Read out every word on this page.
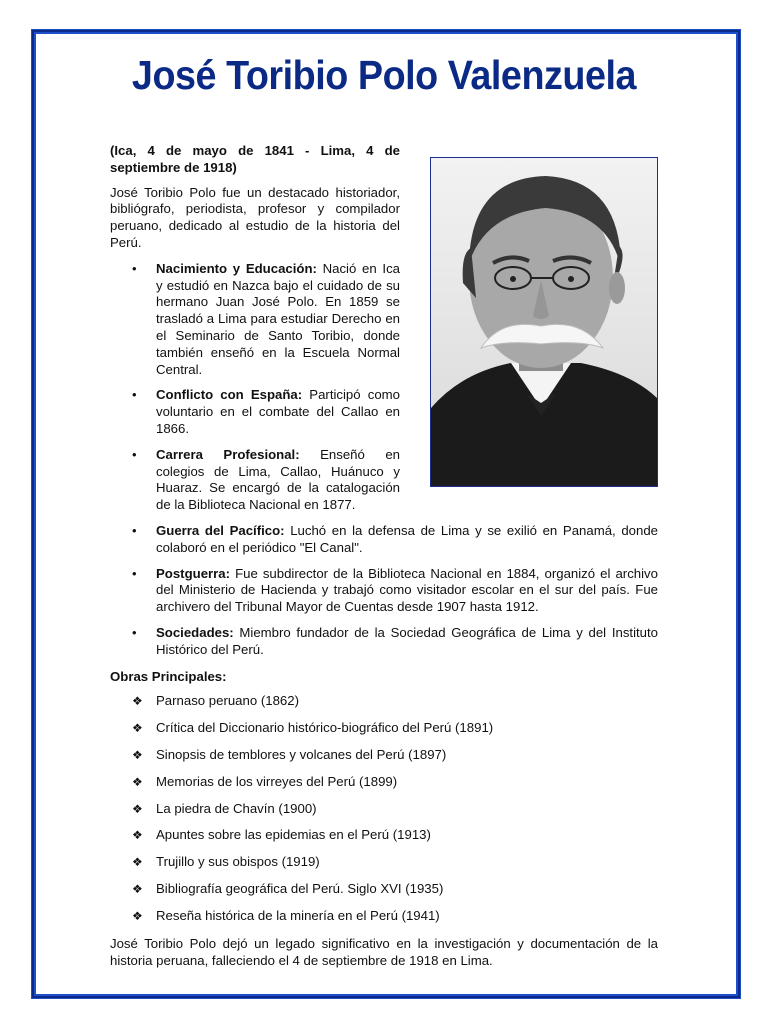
José Toribio Polo Valenzuela

(Ica, 4 de mayo de 1841 - Lima, 4 de septiembre de 1918)

José Toribio Polo fue un destacado historiador, bibliógrafo, periodista, profesor y compilador peruano, dedicado al estudio de la historia del Perú.

• Nacimiento y Educación: Nació en Ica y estudió en Nazca bajo el cuidado de su hermano Juan José Polo. En 1859 se trasladó a Lima para estudiar Derecho en el Seminario de Santo Toribio, donde también enseñó en la Escuela Normal Central.
• Conflicto con España: Participó como voluntario en el combate del Callao en 1866.
• Carrera Profesional: Enseñó en colegios de Lima, Callao, Huánuco y Huaraz. Se encargó de la catalogación de la Biblioteca Nacional en 1877.
• Guerra del Pacífico: Luchó en la defensa de Lima y se exilió en Panamá, donde colaboró en el periódico "El Canal".
• Postguerra: Fue subdirector de la Biblioteca Nacional en 1884, organizó el archivo del Ministerio de Hacienda y trabajó como visitador escolar en el sur del país. Fue archivero del Tribunal Mayor de Cuentas desde 1907 hasta 1912.
• Sociedades: Miembro fundador de la Sociedad Geográfica de Lima y del Instituto Histórico del Perú.
Obras Principales:
❖ Parnaso peruano (1862)
❖ Crítica del Diccionario histórico-biográfico del Perú (1891)
❖ Sinopsis de temblores y volcanes del Perú (1897)
❖ Memorias de los virreyes del Perú (1899)
❖ La piedra de Chavín (1900)
❖ Apuntes sobre las epidemias en el Perú (1913)
❖ Trujillo y sus obispos (1919)
❖ Bibliografía geográfica del Perú. Siglo XVI (1935)
❖ Reseña histórica de la minería en el Perú (1941)

José Toribio Polo dejó un legado significativo en la investigación y documentación de la historia peruana, falleciendo el 4 de septiembre de 1918 en Lima.
